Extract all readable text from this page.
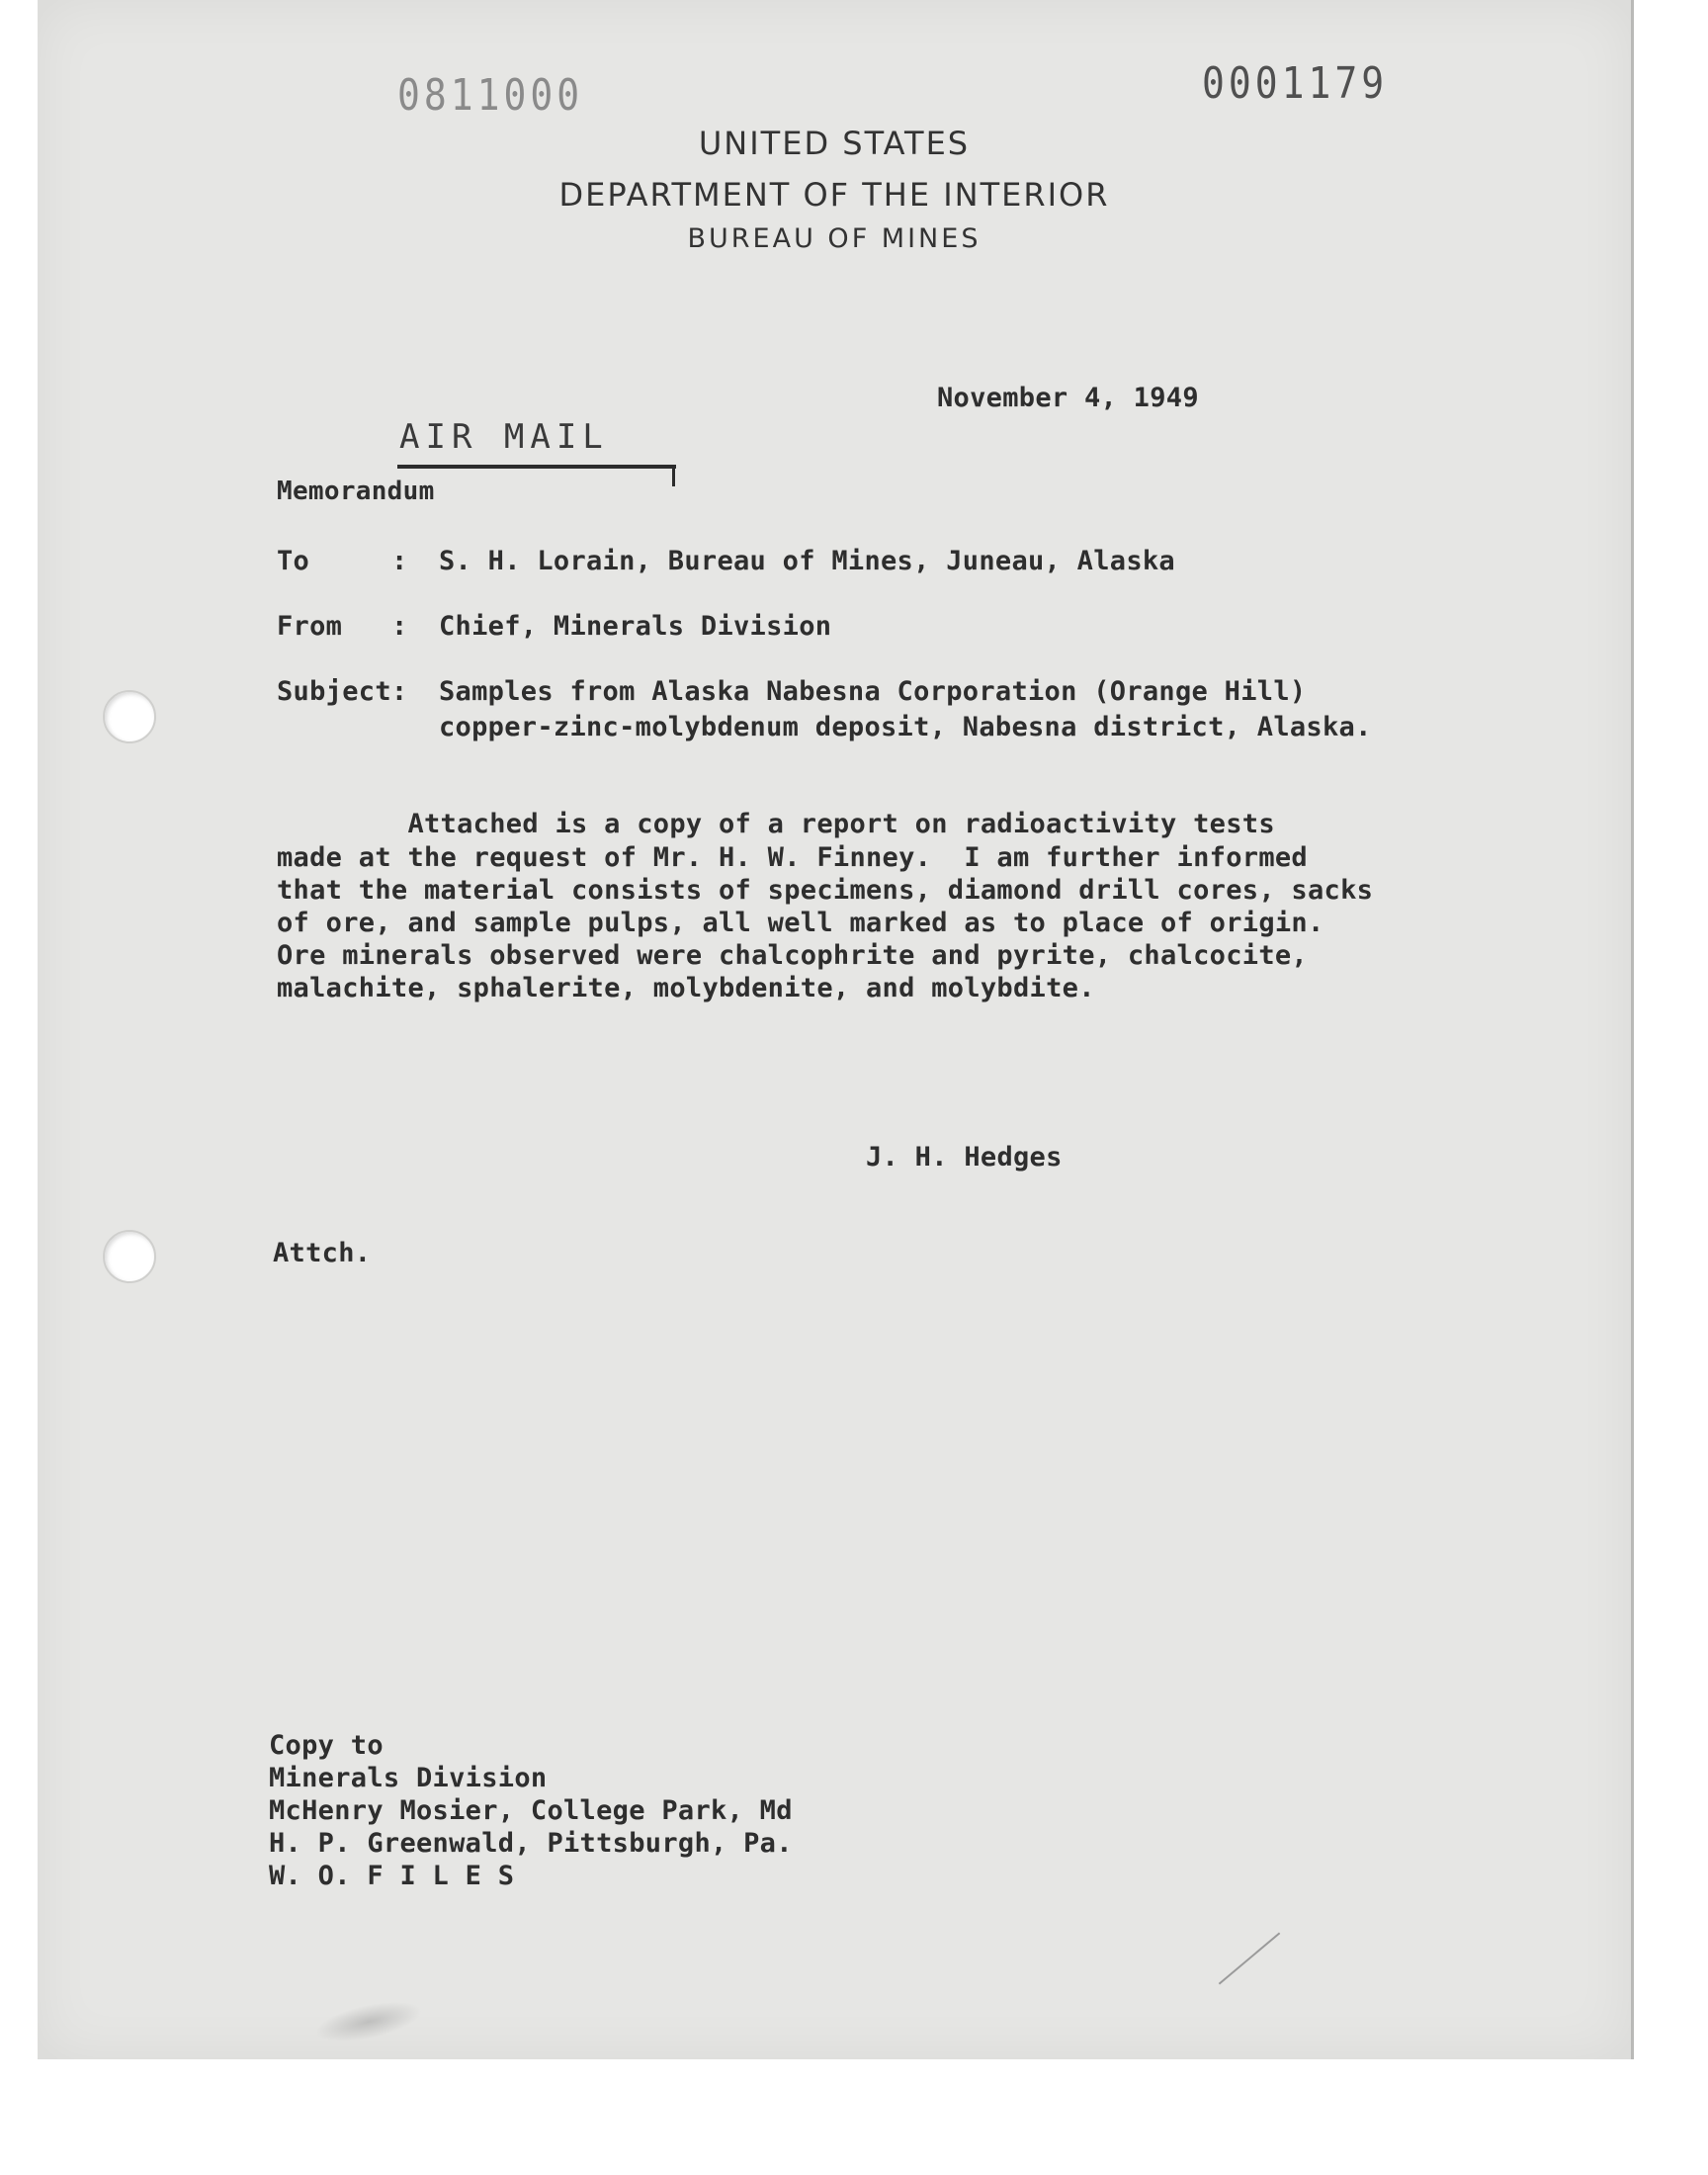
0811000	0001179
UNITED STATES
DEPARTMENT OF THE INTERIOR
BUREAU OF MINES
November 4, 1949
AIR MAIL
Memorandum
To	: S. H. Lorain, Bureau of Mines, Juneau, Alaska
From : Chief, Minerals Division
Subject: Samples from Alaska Nabesna Corporation (Orange Hill)
copper-zinc-molybdenum deposit, Nabesna district, Alaska.
Attached is a copy of a report on radioactivity tests
made at the request of Mr. H. W. Finney.  I am further informed
that the material consists of specimens, diamond drill cores, sacks
of ore, and sample pulps, all well marked as to place of origin.
Ore minerals observed were chalcophrite and pyrite, chalcocite,
malachite, sphalerite, molybdenite, and molybdite.
J. H. Hedges
Attch.
Copy to
Minerals Division
McHenry Mosier, College Park, Md
H. P. Greenwald, Pittsburgh, Pa.
W. O. F I L E S
